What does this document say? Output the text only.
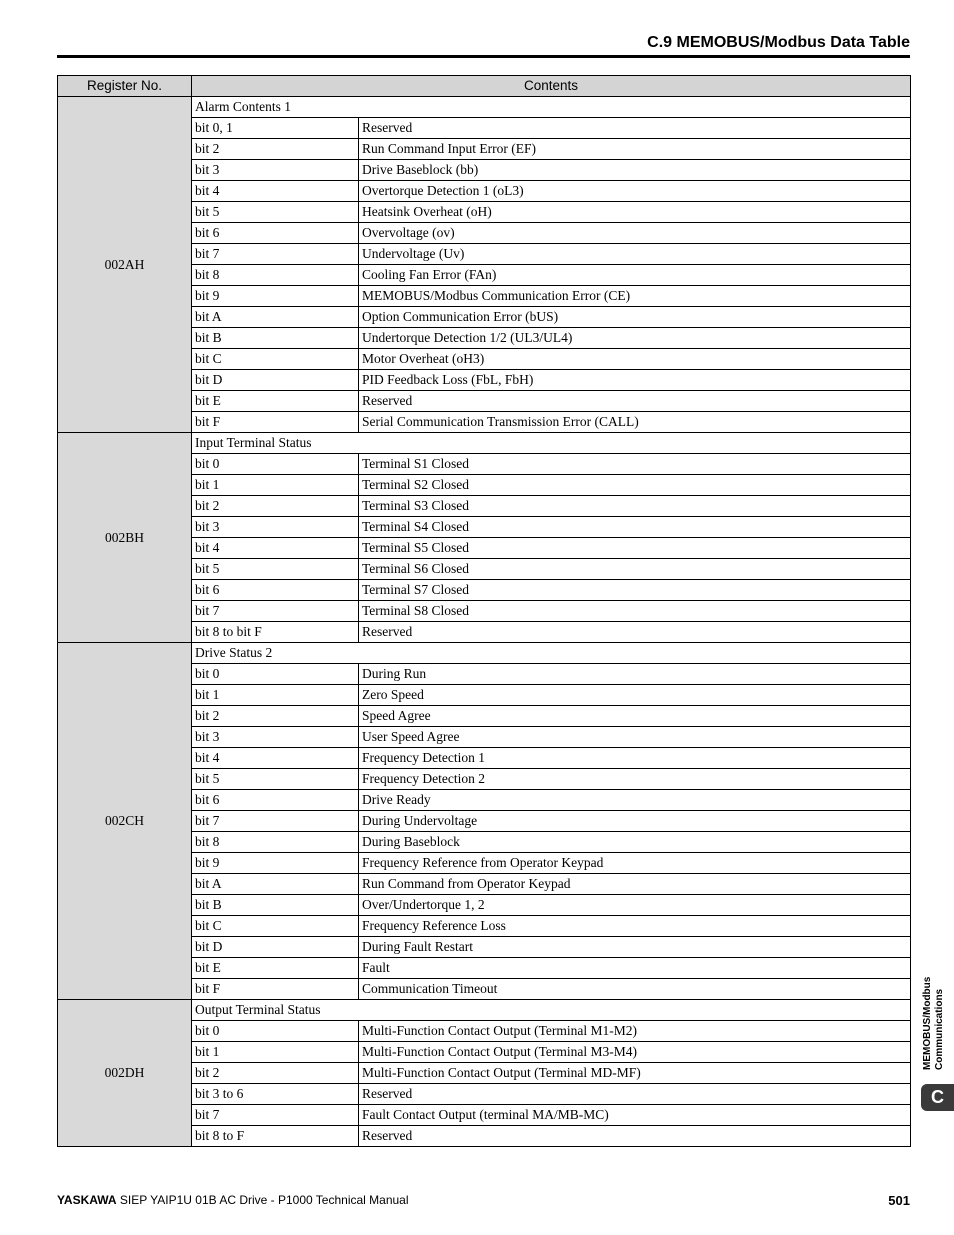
C.9 MEMOBUS/Modbus Data Table
Register No.	Contents	
002AH	Alarm Contents 1	
	bit 0, 1	Reserved
	bit 2	Run Command Input Error (EF)
	bit 3	Drive Baseblock (bb)
	bit 4	Overtorque Detection 1 (oL3)
	bit 5	Heatsink Overheat (oH)
	bit 6	Overvoltage (ov)
	bit 7	Undervoltage (Uv)
	bit 8	Cooling Fan Error (FAn)
	bit 9	MEMOBUS/Modbus Communication Error (CE)
	bit A	Option Communication Error (bUS)
	bit B	Undertorque Detection 1/2 (UL3/UL4)
	bit C	Motor Overheat (oH3)
	bit D	PID Feedback Loss (FbL, FbH)
	bit E	Reserved
	bit F	Serial Communication Transmission Error (CALL)
002BH	Input Terminal Status	
	bit 0	Terminal S1 Closed
	bit 1	Terminal S2 Closed
	bit 2	Terminal S3 Closed
	bit 3	Terminal S4 Closed
	bit 4	Terminal S5 Closed
	bit 5	Terminal S6 Closed
	bit 6	Terminal S7 Closed
	bit 7	Terminal S8 Closed
	bit 8 to bit F	Reserved
002CH	Drive Status 2	
	bit 0	During Run
	bit 1	Zero Speed
	bit 2	Speed Agree
	bit 3	User Speed Agree
	bit 4	Frequency Detection 1
	bit 5	Frequency Detection 2
	bit 6	Drive Ready
	bit 7	During Undervoltage
	bit 8	During Baseblock
	bit 9	Frequency Reference from Operator Keypad
	bit A	Run Command from Operator Keypad
	bit B	Over/Undertorque 1, 2
	bit C	Frequency Reference Loss
	bit D	During Fault Restart
	bit E	Fault
	bit F	Communication Timeout
002DH	Output Terminal Status	
	bit 0	Multi-Function Contact Output (Terminal M1-M2)
	bit 1	Multi-Function Contact Output (Terminal M3-M4)
	bit 2	Multi-Function Contact Output (Terminal MD-MF)
	bit 3 to 6	Reserved
	bit 7	Fault Contact Output (terminal MA/MB-MC)
	bit 8 to F	Reserved
MEMOBUS/Modbus Communications
C
YASKAWA SIEP YAIP1U 01B AC Drive - P1000 Technical Manual	501
